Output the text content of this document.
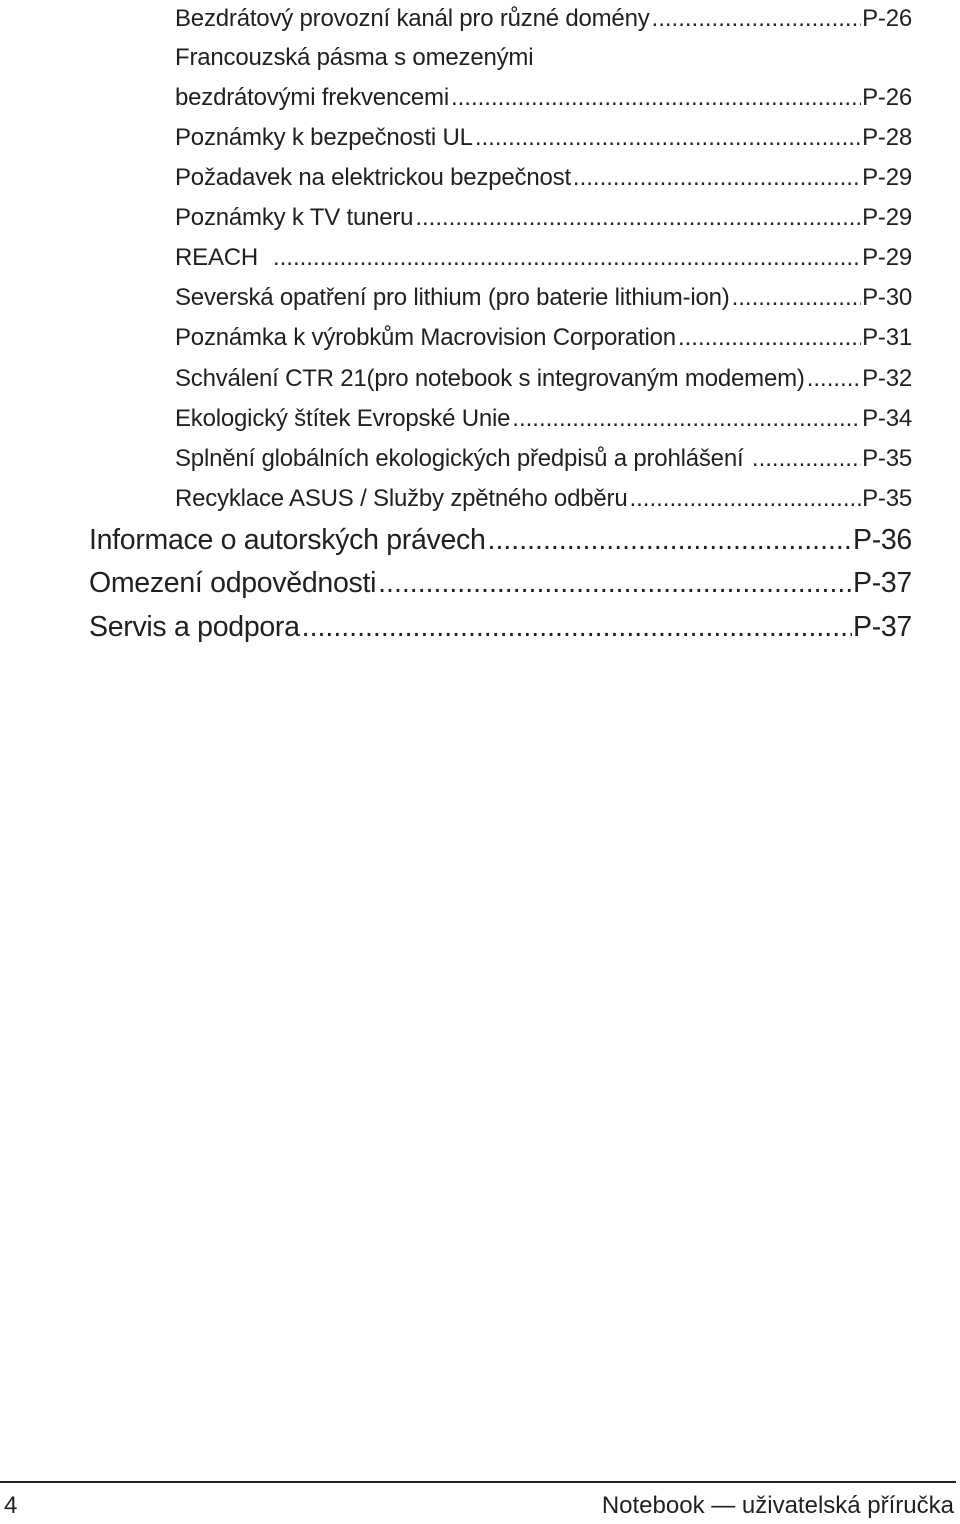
Bezdrátový provozní kanál pro různé domény .....	P-26
Francouzská pásma s omezenými
bezdrátovými frekvencemi .....	P-26
Poznámky k bezpečnosti UL .....	P-28
Požadavek na elektrickou bezpečnost .....	P-29
Poznámky k TV tuneru .....	P-29
REACH .....	P-29
Severská opatření pro lithium (pro baterie lithium-ion) .....	P-30
Poznámka k výrobkům Macrovision Corporation .....	P-31
Schválení CTR 21(pro notebook s integrovaným modemem) ..... P-32
Ekologický štítek Evropské Unie .....	P-34
Splnění globálních ekologických předpisů a prohlášení .....	P-35
Recyklace ASUS / Služby zpětného odběru .....	P-35
Informace o autorských právech .....	P-36
Omezení odpovědnosti .....	P-37
Servis a podpora .....	P-37
4	Notebook — uživatelská příručka
